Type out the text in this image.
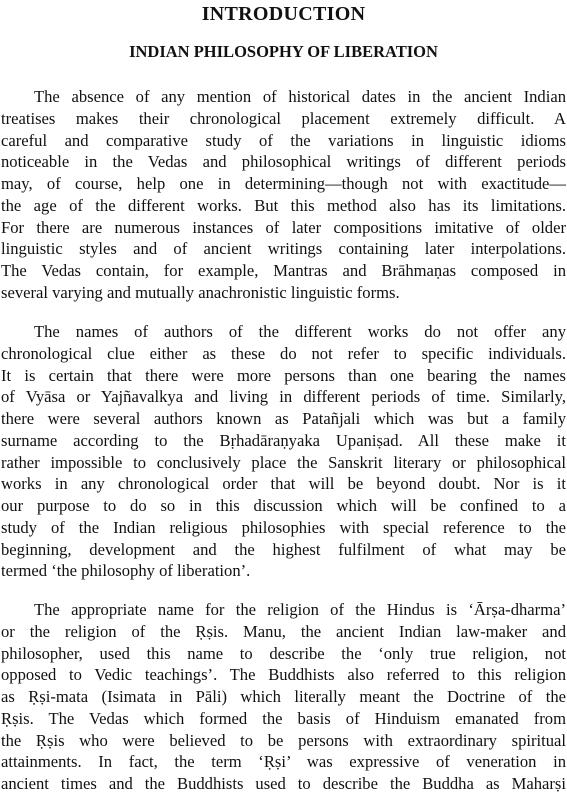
INTRODUCTION
INDIAN PHILOSOPHY OF LIBERATION
The absence of any mention of historical dates in the ancient Indian
treatises makes their chronological placement extremely difficult. A
careful and comparative study of the variations in linguistic idioms
noticeable in the Vedas and philosophical writings of different periods
may, of course, help one in determining—though not with exactitude—
the age of the different works. But this method also has its limitations.
For there are numerous instances of later compositions imitative of older
linguistic styles and of ancient writings containing later interpolations.
The Vedas contain, for example, Mantras and Brāhmaṇas composed in
several varying and mutually anachronistic linguistic forms.
The names of authors of the different works do not offer any
chronological clue either as these do not refer to specific individuals.
It is certain that there were more persons than one bearing the names
of Vyāsa or Yajñavalkya and living in different periods of time. Similarly,
there were several authors known as Patañjali which was but a family
surname according to the Bṛhadāraṇyaka Upaniṣad. All these make it
rather impossible to conclusively place the Sanskrit literary or philosophical
works in any chronological order that will be beyond doubt. Nor is it
our purpose to do so in this discussion which will be confined to a
study of the Indian religious philosophies with special reference to the
beginning, development and the highest fulfilment of what may be
termed ‘the philosophy of liberation’.
The appropriate name for the religion of the Hindus is ‘Ārṣa-dharma’
or the religion of the Ṛṣis. Manu, the ancient Indian law-maker and
philosopher, used this name to describe the ‘only true religion, not
opposed to Vedic teachings’. The Buddhists also referred to this religion
as Ṛṣi-mata (Isimata in Pāli) which literally meant the Doctrine of the
Ṛṣis. The Vedas which formed the basis of Hinduism emanated from
the Ṛṣis who were believed to be persons with extraordinary spiritual
attainments. In fact, the term ‘Ṛṣi’ was expressive of veneration in
ancient times and the Buddhists used to describe the Buddha as Maharṣi
